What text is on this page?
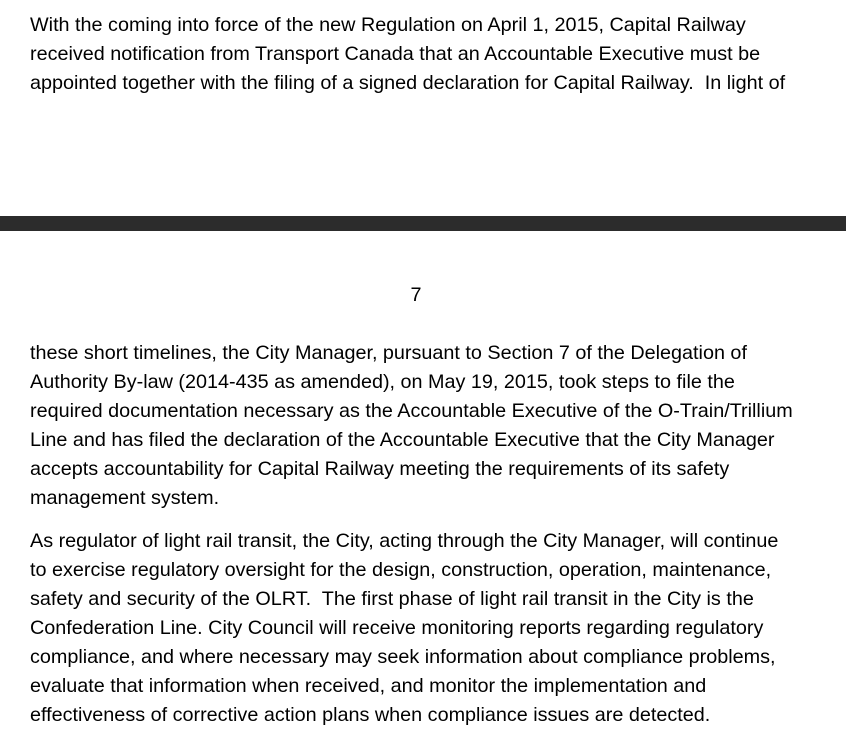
With the coming into force of the new Regulation on April 1, 2015, Capital Railway
received notification from Transport Canada that an Accountable Executive must be
appointed together with the filing of a signed declaration for Capital Railway.  In light of
7
these short timelines, the City Manager, pursuant to Section 7 of the Delegation of
Authority By-law (2014-435 as amended), on May 19, 2015, took steps to file the
required documentation necessary as the Accountable Executive of the O-Train/Trillium
Line and has filed the declaration of the Accountable Executive that the City Manager
accepts accountability for Capital Railway meeting the requirements of its safety
management system.
As regulator of light rail transit, the City, acting through the City Manager, will continue
to exercise regulatory oversight for the design, construction, operation, maintenance,
safety and security of the OLRT.  The first phase of light rail transit in the City is the
Confederation Line. City Council will receive monitoring reports regarding regulatory
compliance, and where necessary may seek information about compliance problems,
evaluate that information when received, and monitor the implementation and
effectiveness of corrective action plans when compliance issues are detected.
